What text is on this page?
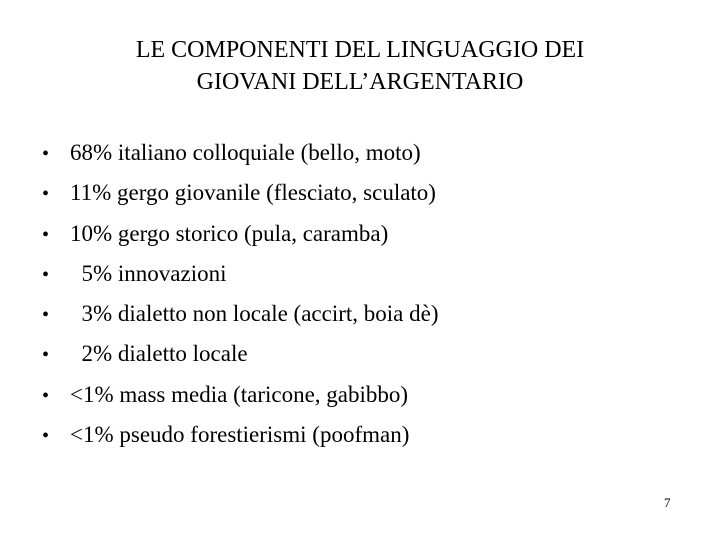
LE COMPONENTI DEL LINGUAGGIO DEI
GIOVANI DELL’ARGENTARIO
• 68% italiano colloquiale (bello, moto)
• 11% gergo giovanile (flesciato, sculato)
• 10% gergo storico (pula, caramba)
• 5% innovazioni
• 3% dialetto non locale (accirt, boia dè)
• 2% dialetto locale
• <1% mass media (taricone, gabibbo)
• <1% pseudo forestierismi (poofman)
7
